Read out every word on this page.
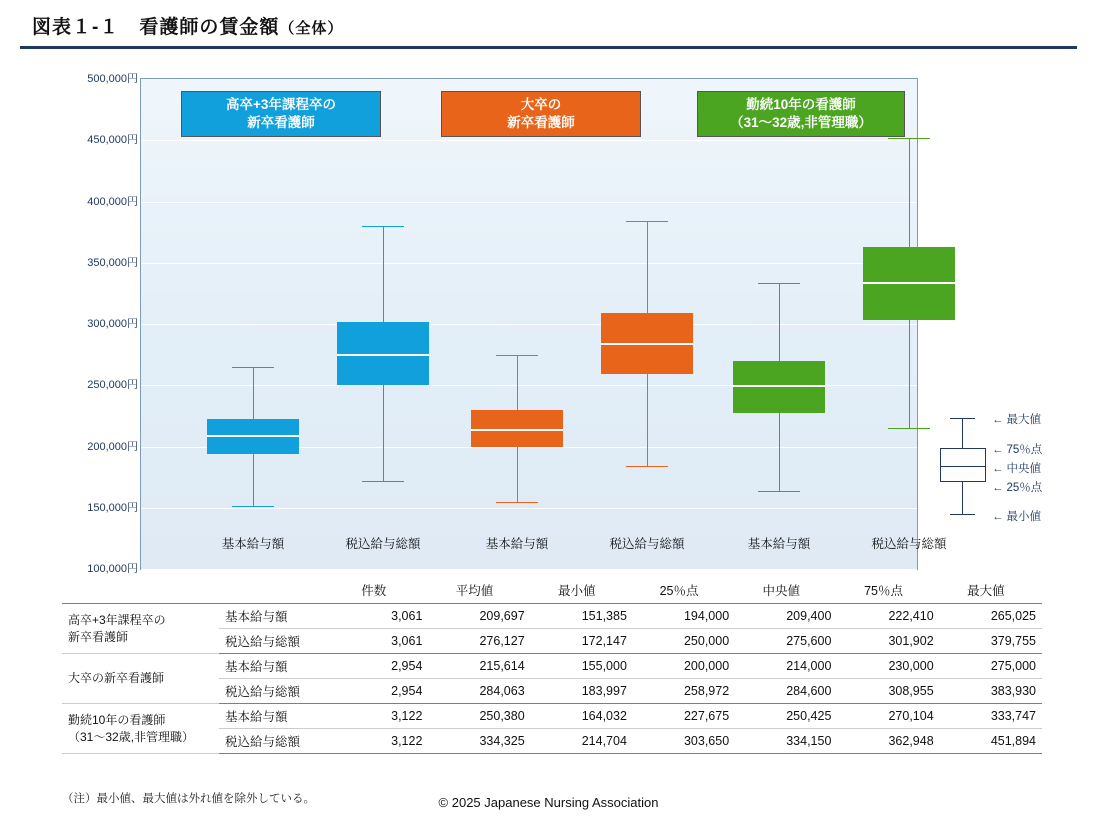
図表１-１　看護師の賃金額（全体）
500,000円
450,000円
400,000円
350,000円
300,000円
250,000円
200,000円
150,000円
100,000円
高卒+3年課程卒の
新卒看護師
大卒の
新卒看護師
勤続10年の看護師
（31〜32歳,非管理職）
基本給与額	税込給与総額	基本給与額	税込給与総額	基本給与額	税込給与総額
← 最大値
← 75％点
← 中央値
← 25％点
← 最小値
		件数	平均値	最小値	25％点	中央値	75％点	最大値

高卒+3年課程卒の
新卒看護師	基本給与額	3,061	209,697	151,385	194,000	209,400	222,410	265,025
	税込給与総額	3,061	276,127	172,147	250,000	275,600	301,902	379,755

大卒の新卒看護師	基本給与額	2,954	215,614	155,000	200,000	214,000	230,000	275,000
	税込給与総額	2,954	284,063	183,997	258,972	284,600	308,955	383,930

勤続10年の看護師
（31〜32歳,非管理職）	基本給与額	3,122	250,380	164,032	227,675	250,425	270,104	333,747
	税込給与総額	3,122	334,325	214,704	303,650	334,150	362,948	451,894
（注）最小値、最大値は外れ値を除外している。	© 2025 Japanese Nursing Association
